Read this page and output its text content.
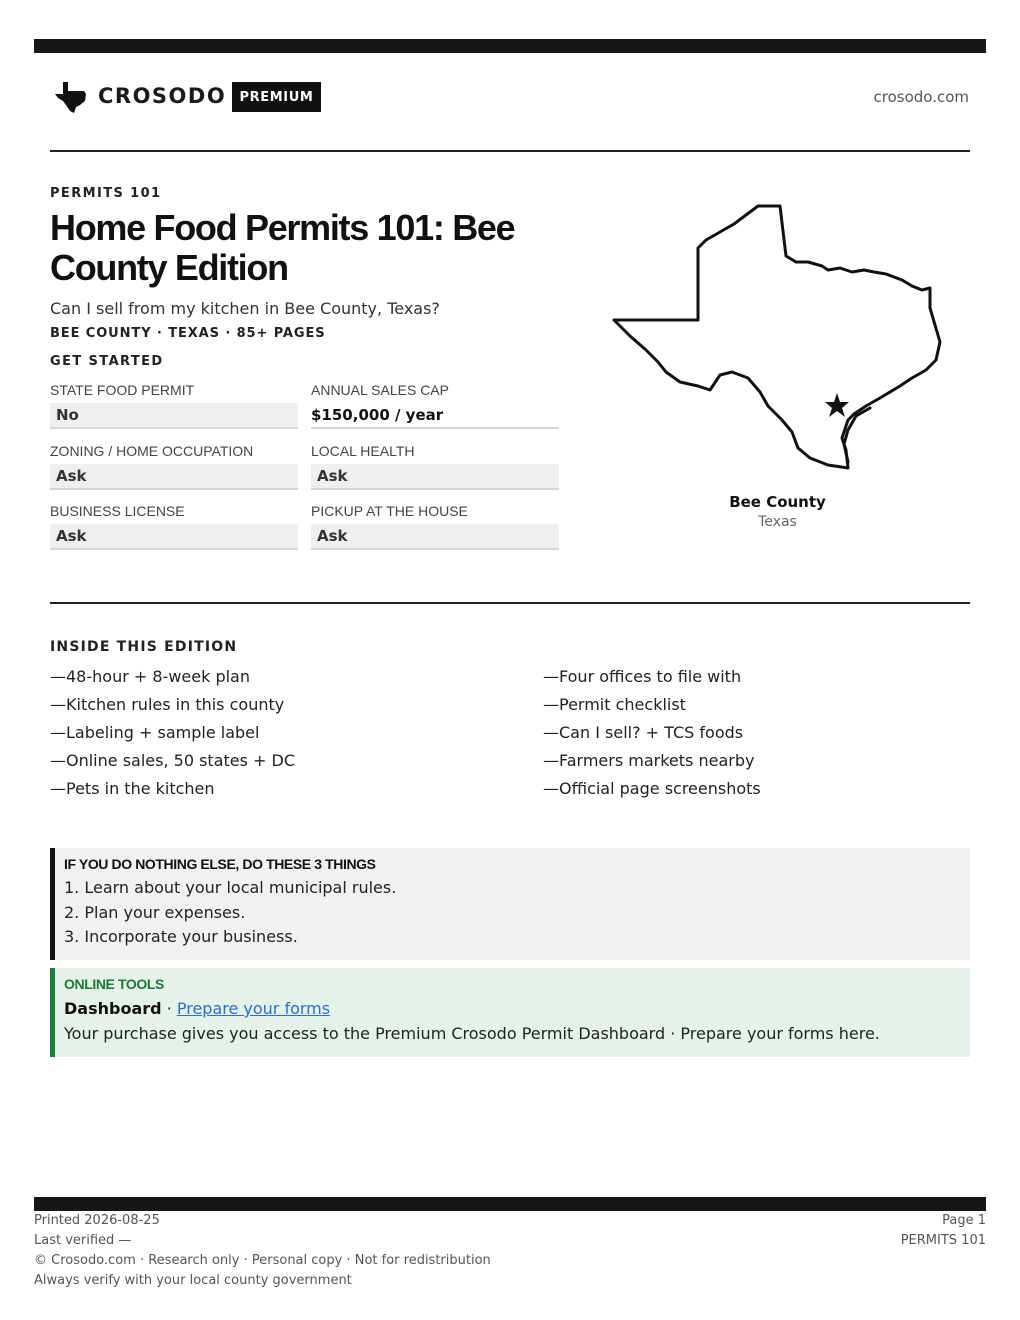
CROSODO	PREMIUM	crosodo.com
PERMITS 101
Home Food Permits 101: Bee County Edition
Can I sell from my kitchen in Bee County, Texas?
BEE COUNTY · TEXAS · 85+ PAGES
GET STARTED
STATE FOOD PERMIT
No
ANNUAL SALES CAP
$150,000 / year
ZONING / HOME OCCUPATION
Ask
LOCAL HEALTH
Ask
BUSINESS LICENSE
Ask
PICKUP AT THE HOUSE
Ask
Bee County
Texas
INSIDE THIS EDITION
—48-hour + 8-week plan
—Kitchen rules in this county
—Labeling + sample label
—Online sales, 50 states + DC
—Pets in the kitchen
—Four offices to file with
—Permit checklist
—Can I sell? + TCS foods
—Farmers markets nearby
—Official page screenshots
IF YOU DO NOTHING ELSE, DO THESE 3 THINGS
1. Learn about your local municipal rules.
2. Plan your expenses.
3. Incorporate your business.
ONLINE TOOLS
Dashboard · Prepare your forms
Your purchase gives you access to the Premium Crosodo Permit Dashboard · Prepare your forms here.
Printed 2026-08-25
Last verified —
© Crosodo.com · Research only · Personal copy · Not for redistribution
Always verify with your local county government
Page 1
PERMITS 101
